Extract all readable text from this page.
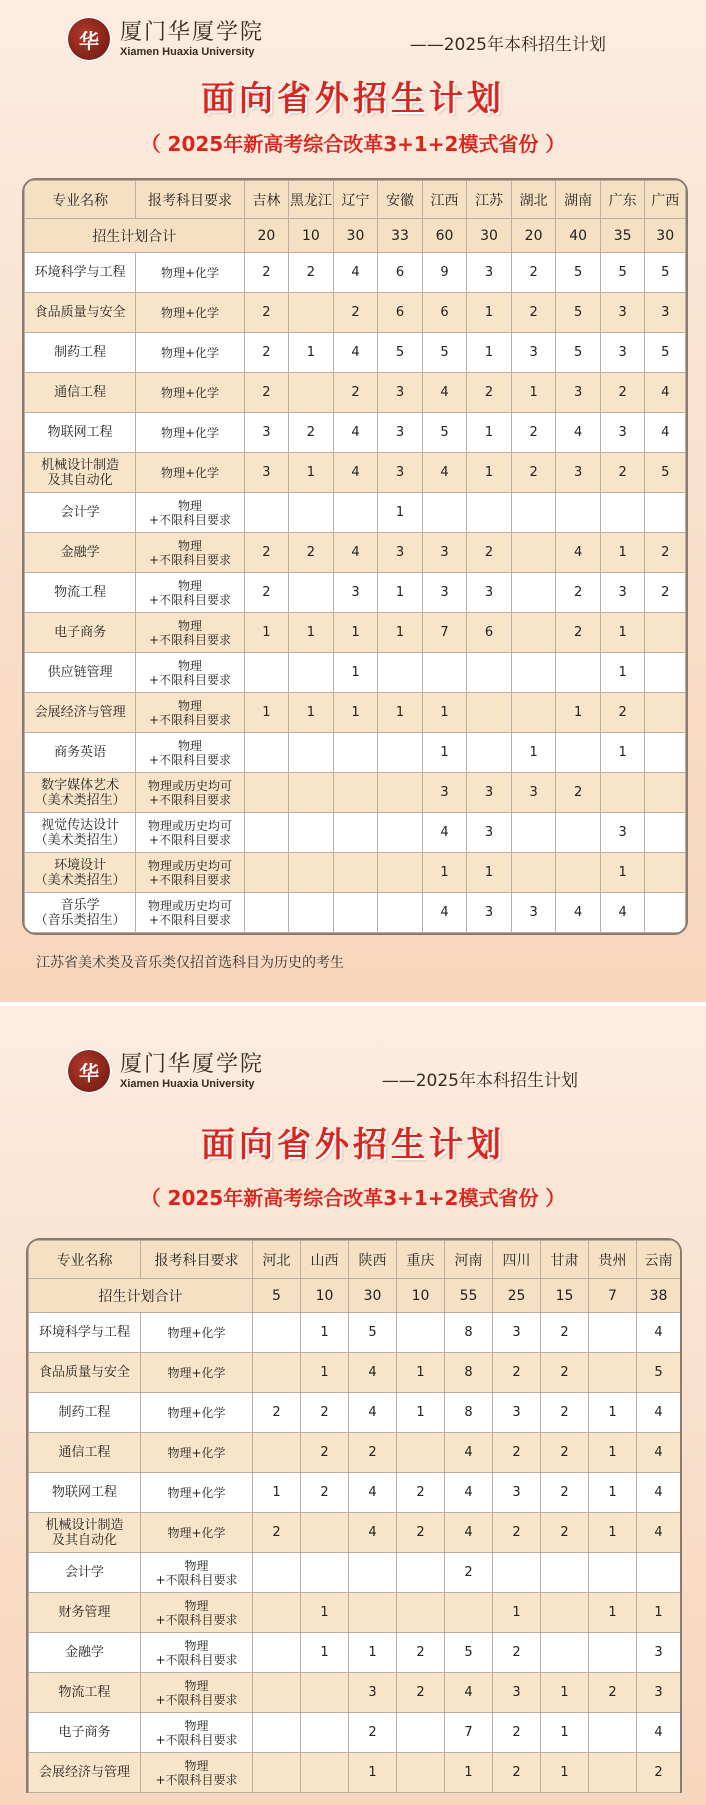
华 厦门华厦学院
Xiamen Huaxia University	——2025年本科招生计划
面向省外招生计划
（ 2025年新高考综合改革3+1+2模式省份 ）
专业名称	报考科目要求	吉林	黑龙江	辽宁	安徽	江西	江苏	湖北	湖南	广东	广西
招生计划合计		20	10	30	33	60	30	20	40	35	30
环境科学与工程	物理+化学	2	2	4	6	9	3	2	5	5	5
食品质量与安全	物理+化学	2		2	6	6	1	2	5	3	3
制药工程	物理+化学	2	1	4	5	5	1	3	5	3	5
通信工程	物理+化学	2		2	3	4	2	1	3	2	4
物联网工程	物理+化学	3	2	4	3	5	1	2	4	3	4
机械设计制造
及其自动化	物理+化学	3	1	4	3	4	1	2	3	2	5
会计学	物理
+不限科目要求				1						
金融学	物理
+不限科目要求	2	2	4	3	3	2		4	1	2
物流工程	物理
+不限科目要求	2		3	1	3	3		2	3	2
电子商务	物理
+不限科目要求	1	1	1	1	7	6		2	1	
供应链管理	物理
+不限科目要求			1						1	
会展经济与管理	物理
+不限科目要求	1	1	1	1	1			1	2	
商务英语	物理
+不限科目要求					1		1		1	
数字媒体艺术
（美术类招生）	物理或历史均可
+不限科目要求					3	3	3	2		
视觉传达设计
（美术类招生）	物理或历史均可
+不限科目要求					4	3			3	
环境设计
（美术类招生）	物理或历史均可
+不限科目要求					1	1			1	
音乐学
（音乐类招生）	物理或历史均可
+不限科目要求					4	3	3	4	4	
江苏省美术类及音乐类仅招首选科目为历史的考生
华 厦门华厦学院
Xiamen Huaxia University	——2025年本科招生计划
面向省外招生计划
（ 2025年新高考综合改革3+1+2模式省份 ）
专业名称	报考科目要求	河北	山西	陕西	重庆	河南	四川	甘肃	贵州	云南
招生计划合计		5	10	30	10	55	25	15	7	38
环境科学与工程	物理+化学		1	5		8	3	2		4
食品质量与安全	物理+化学		1	4	1	8	2	2		5
制药工程	物理+化学	2	2	4	1	8	3	2	1	4
通信工程	物理+化学		2	2		4	2	2	1	4
物联网工程	物理+化学	1	2	4	2	4	3	2	1	4
机械设计制造
及其自动化	物理+化学	2		4	2	4	2	2	1	4
会计学	物理
+不限科目要求					2				
财务管理	物理
+不限科目要求		1				1		1	1
金融学	物理
+不限科目要求		1	1	2	5	2			3
物流工程	物理
+不限科目要求			3	2	4	3	1	2	3
电子商务	物理
+不限科目要求			2		7	2	1		4
会展经济与管理	物理
+不限科目要求			1		1	2	1		2
